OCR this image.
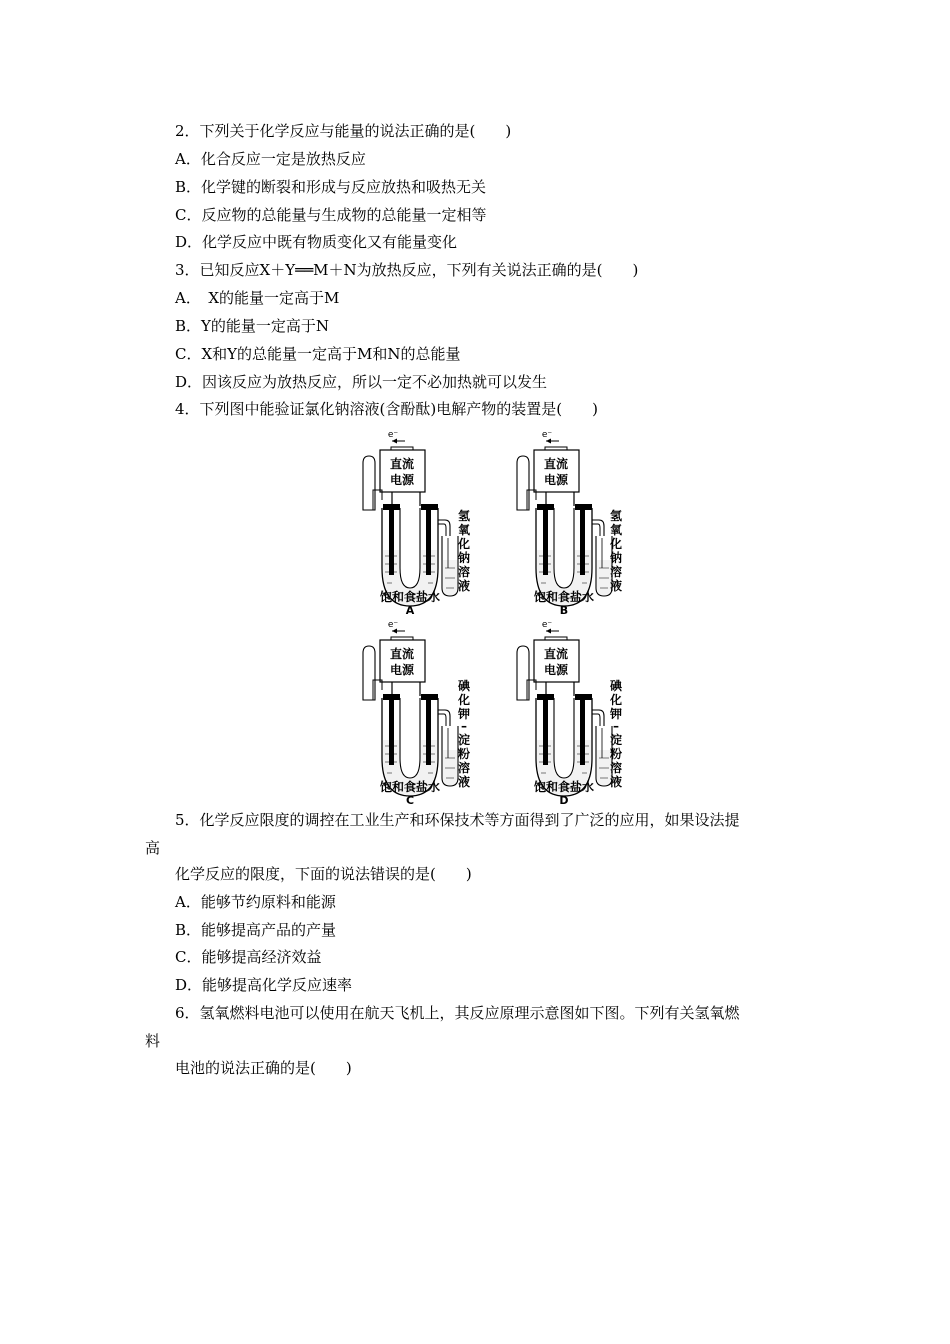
2．下列关于化学反应与能量的说法正确的是(　　)
A．化合反应一定是放热反应
B．化学键的断裂和形成与反应放热和吸热无关
C．反应物的总能量与生成物的总能量一定相等
D．化学反应中既有物质变化又有能量变化
3．已知反应X＋Y══M＋N为放热反应，下列有关说法正确的是(　　)
A．　X的能量一定高于M
B．Y的能量一定高于N
C．X和Y的总能量一定高于M和N的总能量
D．因该反应为放热反应，所以一定不必加热就可以发生
4．下列图中能验证氯化钠溶液(含酚酞)电解产物的装置是(　　)
e⁻
直流
电源
氢
氧
化
钠
溶
液
饱和食盐水
A
e⁻
直流
电源
氢
氧
化
钠
溶
液
饱和食盐水
B
e⁻
直流
电源
碘
化
钾
–
淀
粉
溶
液
饱和食盐水
C
e⁻
直流
电源
碘
化
钾
–
淀
粉
溶
液
饱和食盐水
D
5．化学反应限度的调控在工业生产和环保技术等方面得到了广泛的应用，如果设法提
高
化学反应的限度，下面的说法错误的是(　　)
A．能够节约原料和能源
B．能够提高产品的产量
C．能够提高经济效益
D．能够提高化学反应速率
6．氢氧燃料电池可以使用在航天飞机上，其反应原理示意图如下图。下列有关氢氧燃
料
电池的说法正确的是(　　)
